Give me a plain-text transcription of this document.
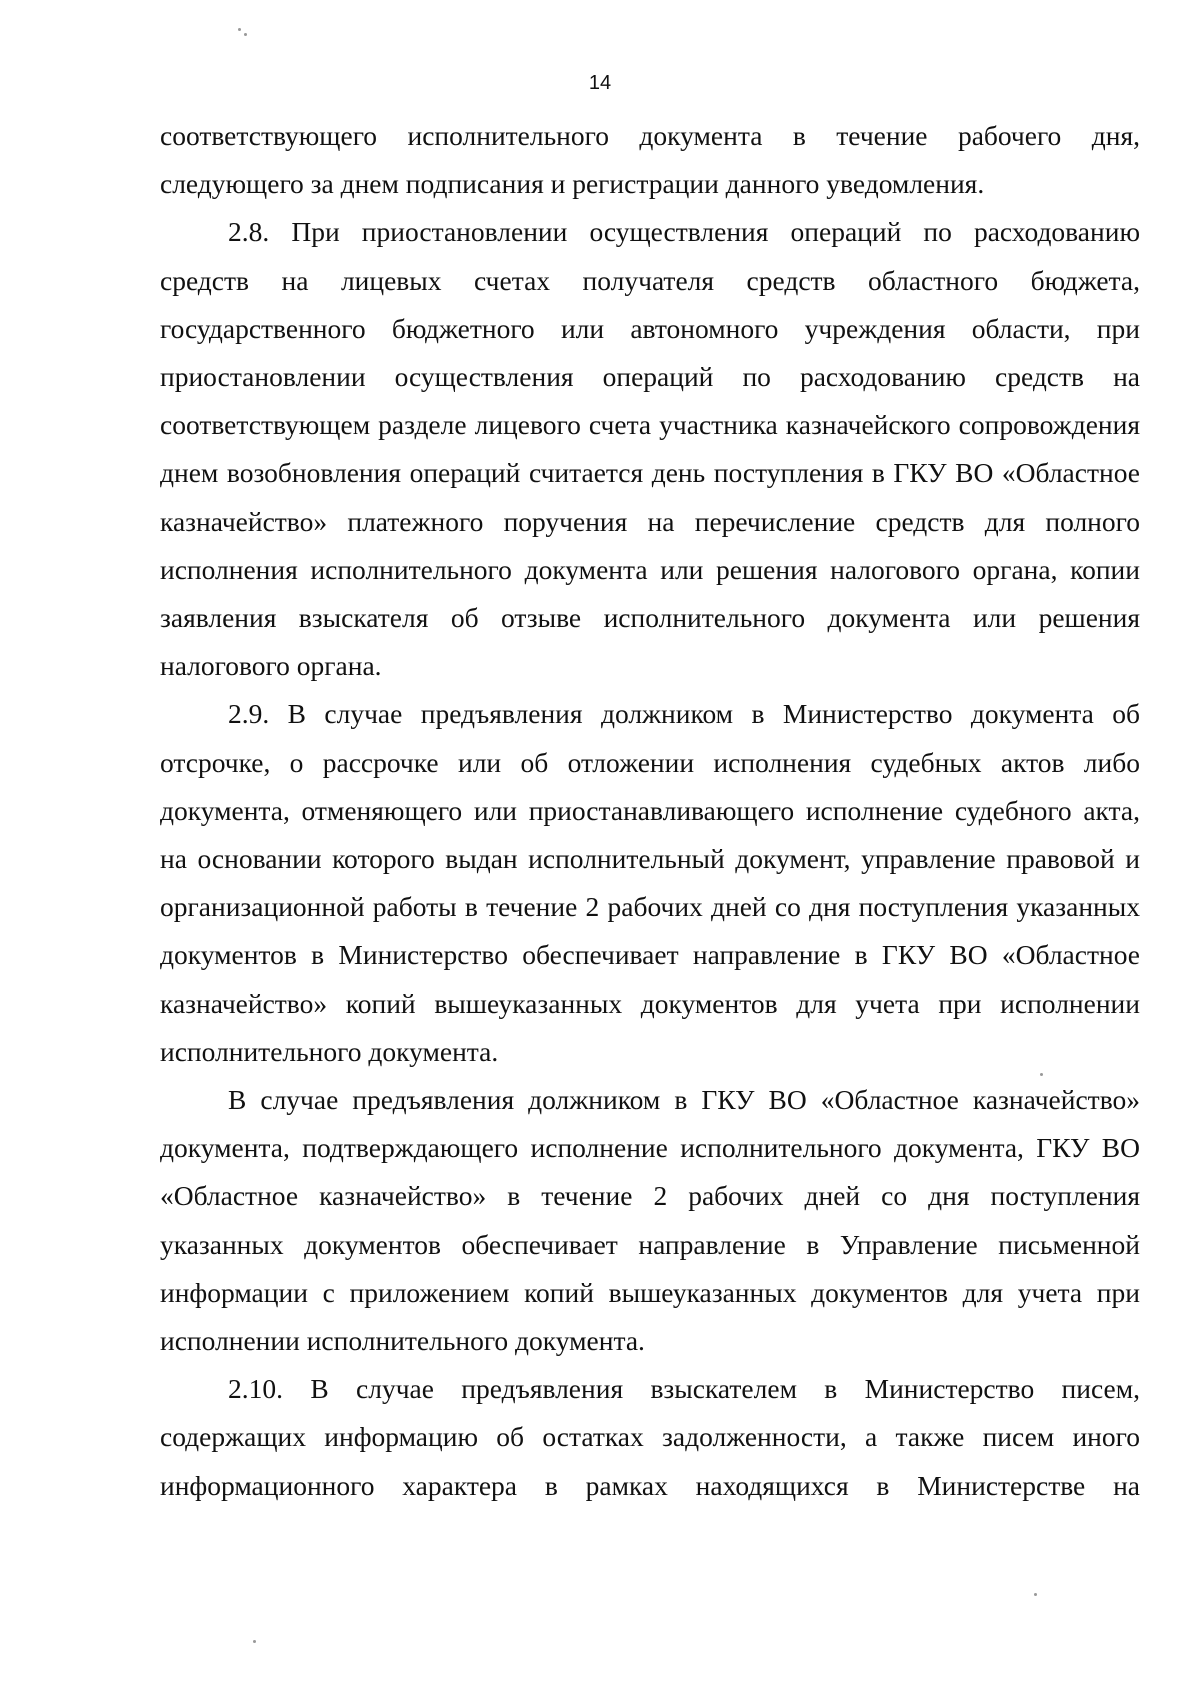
14

соответствующего исполнительного документа в течение рабочего дня, следующего за днем подписания и регистрации данного уведомления.

2.8. При приостановлении осуществления операций по расходованию средств на лицевых счетах получателя средств областного бюджета, государственного бюджетного или автономного учреждения области, при приостановлении осуществления операций по расходованию средств на соответствующем разделе лицевого счета участника казначейского сопровождения днем возобновления операций считается день поступления в ГКУ ВО «Областное казначейство» платежного поручения на перечисление средств для полного исполнения исполнительного документа или решения налогового органа, копии заявления взыскателя об отзыве исполнительного документа или решения налогового органа.

2.9. В случае предъявления должником в Министерство документа об отсрочке, о рассрочке или об отложении исполнения судебных актов либо документа, отменяющего или приостанавливающего исполнение судебного акта, на основании которого выдан исполнительный документ, управление правовой и организационной работы в течение 2 рабочих дней со дня поступления указанных документов в Министерство обеспечивает направление в ГКУ ВО «Областное казначейство» копий вышеуказанных документов для учета при исполнении исполнительного документа.

В случае предъявления должником в ГКУ ВО «Областное казначейство» документа, подтверждающего исполнение исполнительного документа, ГКУ ВО «Областное казначейство» в течение 2 рабочих дней со дня поступления указанных документов обеспечивает направление в Управление письменной информации с приложением копий вышеуказанных документов для учета при исполнении исполнительного документа.

2.10. В случае предъявления взыскателем в Министерство писем, содержащих информацию об остатках задолженности, а также писем иного информационного характера в рамках находящихся в Министерстве на
